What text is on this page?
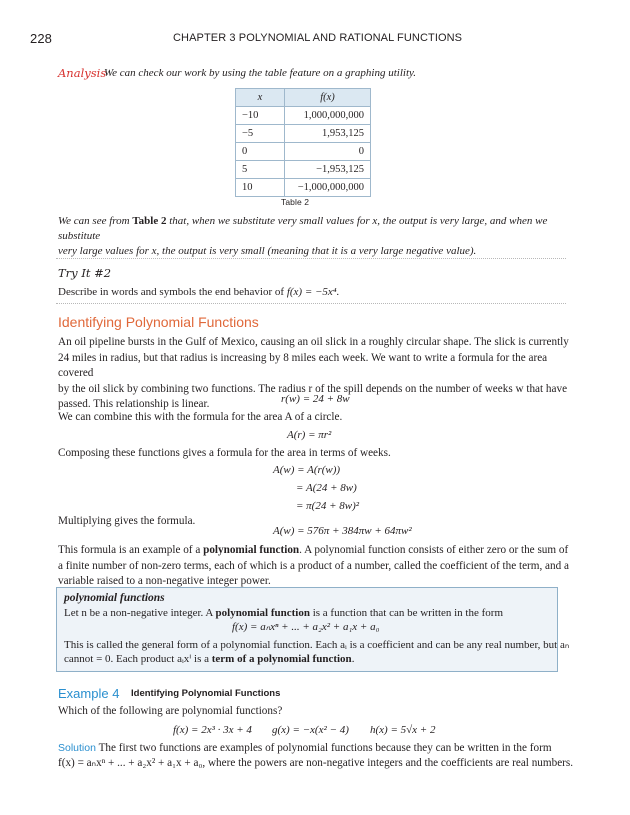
228	CHAPTER 3 POLYNOMIAL AND RATIONAL FUNCTIONS
Analysis
We can check our work by using the table feature on a graphing utility.
x	f(x)
−10	1,000,000,000
−5	1,953,125
0	0
5	−1,953,125
10	−1,000,000,000
Table 2
We can see from Table 2 that, when we substitute very small values for x, the output is very large, and when we substitute
very large values for x, the output is very small (meaning that it is a very large negative value).
Try It #2
Describe in words and symbols the end behavior of f(x) = −5x⁴.
Identifying Polynomial Functions
An oil pipeline bursts in the Gulf of Mexico, causing an oil slick in a roughly circular shape. The slick is currently
24 miles in radius, but that radius is increasing by 8 miles each week. We want to write a formula for the area covered
by the oil slick by combining two functions. The radius r of the spill depends on the number of weeks w that have
passed. This relationship is linear.	r(w) = 24 + 8w
We can combine this with the formula for the area A of a circle.
A(r) = πr²
Composing these functions gives a formula for the area in terms of weeks.
A(w) = A(r(w))
= A(24 + 8w)
= π(24 + 8w)²
Multiplying gives the formula.
A(w) = 576π + 384πw + 64πw²
This formula is an example of a polynomial function. A polynomial function consists of either zero or the sum of
a finite number of non-zero terms, each of which is a product of a number, called the coefficient of the term, and a
variable raised to a non-negative integer power.
polynomial functions
Let n be a non-negative integer. A polynomial function is a function that can be written in the form
f(x) = aₙxⁿ + ... + a₂x² + a₁x + a₀
This is called the general form of a polynomial function. Each aᵢ is a coefficient and can be any real number, but aₙ
cannot = 0. Each product aᵢxⁱ is a term of a polynomial function.
Example 4 Identifying Polynomial Functions
Which of the following are polynomial functions?
f(x) = 2x³ · 3x + 4 g(x) = −x(x² − 4) h(x) = 5√x + 2
Solution The first two functions are examples of polynomial functions because they can be written in the form
f(x) = aₙxⁿ + ... + a₂x² + a₁x + a₀, where the powers are non-negative integers and the coefficients are real numbers.
